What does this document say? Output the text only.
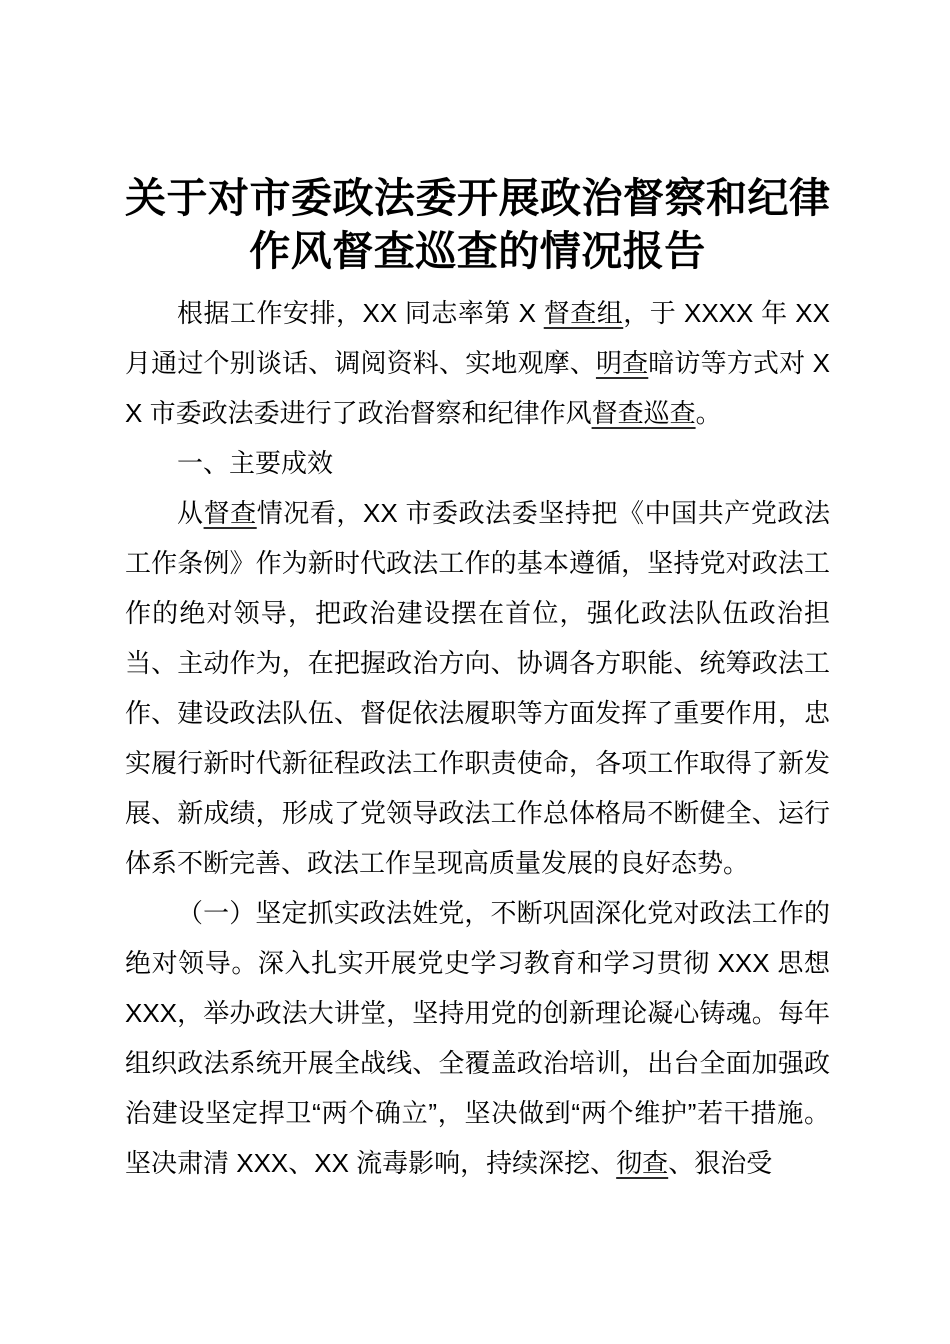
关于对市委政法委开展政治督察和纪律
作风督查巡查的情况报告

根据工作安排，XX 同志率第 X 督查组，于 XXXX 年 XX 月通过个别谈话、调阅资料、实地观摩、明查暗访等方式对 XX 市委政法委进行了政治督察和纪律作风督查巡查。

一、主要成效

从督查情况看，XX 市委政法委坚持把《中国共产党政法工作条例》作为新时代政法工作的基本遵循，坚持党对政法工作的绝对领导，把政治建设摆在首位，强化政法队伍政治担当、主动作为，在把握政治方向、协调各方职能、统筹政法工作、建设政法队伍、督促依法履职等方面发挥了重要作用，忠实履行新时代新征程政法工作职责使命，各项工作取得了新发展、新成绩，形成了党领导政法工作总体格局不断健全、运行体系不断完善、政法工作呈现高质量发展的良好态势。

（一）坚定抓实政法姓党，不断巩固深化党对政法工作的绝对领导。深入扎实开展党史学习教育和学习贯彻 XXX 思想 XXX，举办政法大讲堂，坚持用党的创新理论凝心铸魂。每年组织政法系统开展全战线、全覆盖政治培训，出台全面加强政治建设坚定捍卫“两个确立”，坚决做到“两个维护”若干措施。坚决肃清 XXX、XX 流毒影响，持续深挖、彻查、狠治受
